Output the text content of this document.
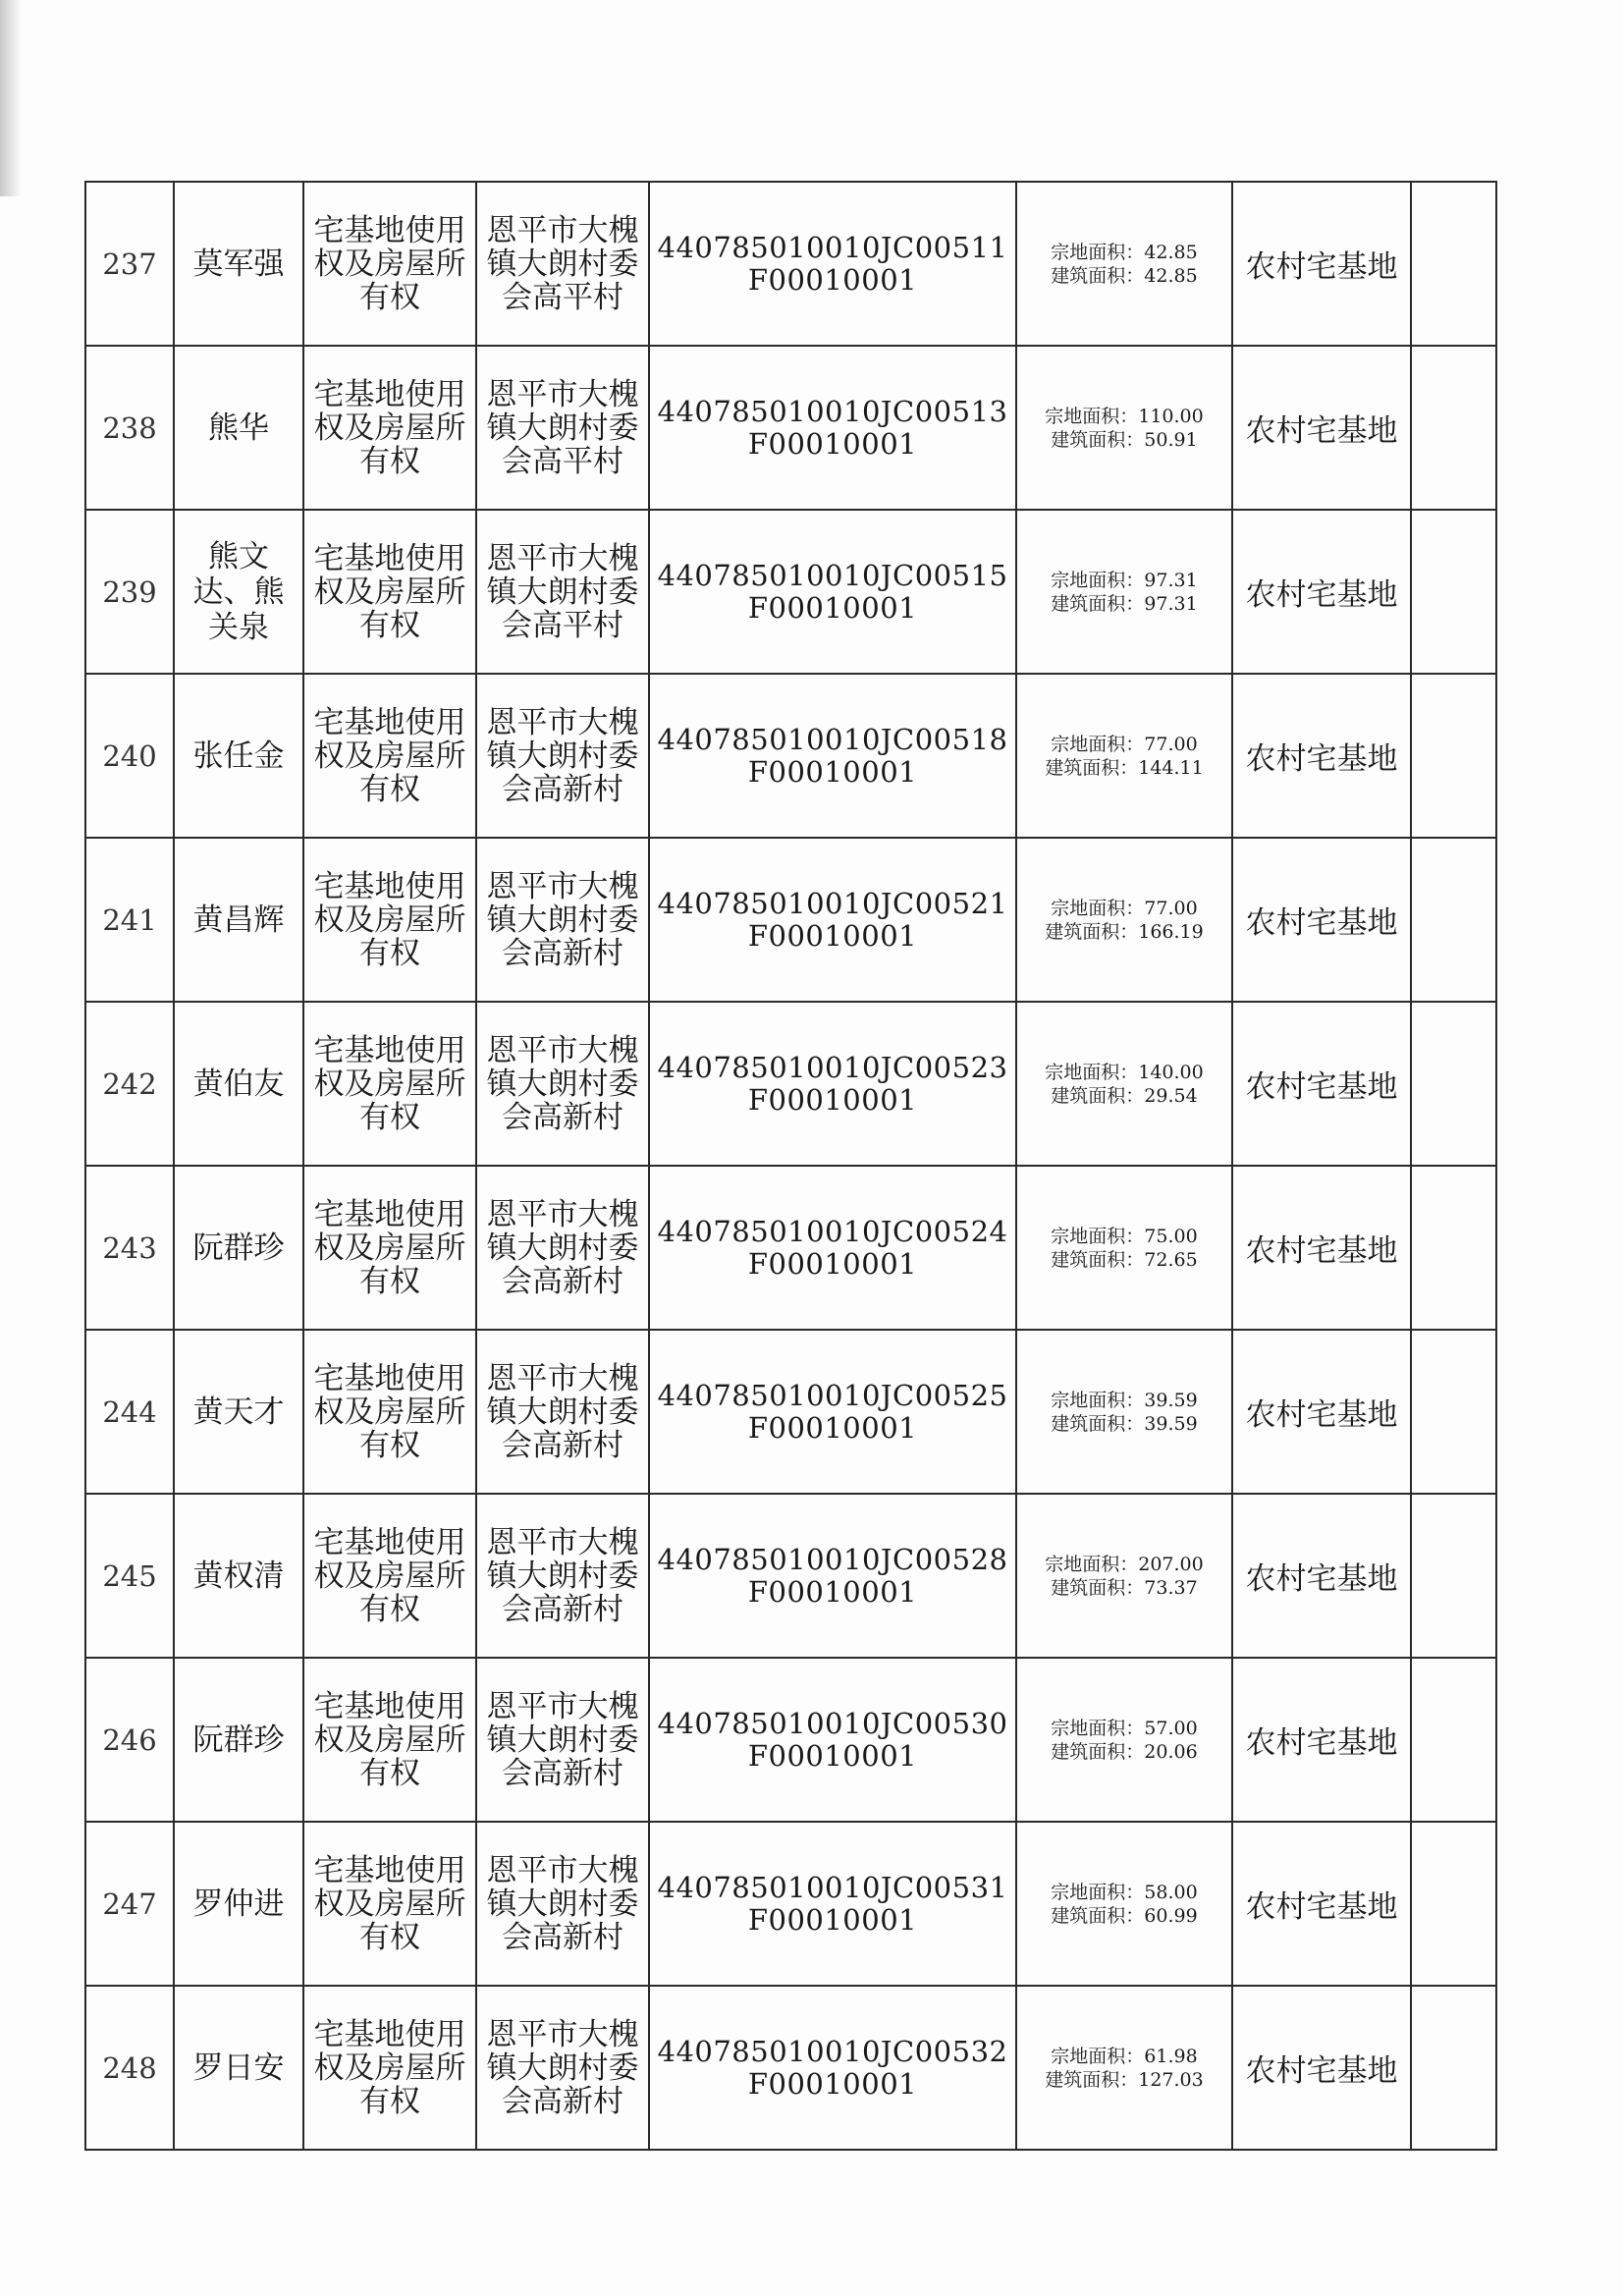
237	莫军强	宅基地使用权及房屋所有权	恩平市大槐镇大朗村委会高平村	440785010010JC00511F00010001	宗地面积：42.85
建筑面积：42.85	农村宅基地	
238	熊华	宅基地使用权及房屋所有权	恩平市大槐镇大朗村委会高平村	440785010010JC00513F00010001	宗地面积：110.00
建筑面积：50.91	农村宅基地	
239	熊文达、熊关泉	宅基地使用权及房屋所有权	恩平市大槐镇大朗村委会高平村	440785010010JC00515F00010001	宗地面积：97.31
建筑面积：97.31	农村宅基地	
240	张任金	宅基地使用权及房屋所有权	恩平市大槐镇大朗村委会高新村	440785010010JC00518F00010001	宗地面积：77.00
建筑面积：144.11	农村宅基地	
241	黄昌辉	宅基地使用权及房屋所有权	恩平市大槐镇大朗村委会高新村	440785010010JC00521F00010001	宗地面积：77.00
建筑面积：166.19	农村宅基地	
242	黄伯友	宅基地使用权及房屋所有权	恩平市大槐镇大朗村委会高新村	440785010010JC00523F00010001	宗地面积：140.00
建筑面积：29.54	农村宅基地	
243	阮群珍	宅基地使用权及房屋所有权	恩平市大槐镇大朗村委会高新村	440785010010JC00524F00010001	宗地面积：75.00
建筑面积：72.65	农村宅基地	
244	黄天才	宅基地使用权及房屋所有权	恩平市大槐镇大朗村委会高新村	440785010010JC00525F00010001	宗地面积：39.59
建筑面积：39.59	农村宅基地	
245	黄权清	宅基地使用权及房屋所有权	恩平市大槐镇大朗村委会高新村	440785010010JC00528F00010001	宗地面积：207.00
建筑面积：73.37	农村宅基地	
246	阮群珍	宅基地使用权及房屋所有权	恩平市大槐镇大朗村委会高新村	440785010010JC00530F00010001	宗地面积：57.00
建筑面积：20.06	农村宅基地	
247	罗仲进	宅基地使用权及房屋所有权	恩平市大槐镇大朗村委会高新村	440785010010JC00531F00010001	宗地面积：58.00
建筑面积：60.99	农村宅基地	
248	罗日安	宅基地使用权及房屋所有权	恩平市大槐镇大朗村委会高新村	440785010010JC00532F00010001	宗地面积：61.98
建筑面积：127.03	农村宅基地	
